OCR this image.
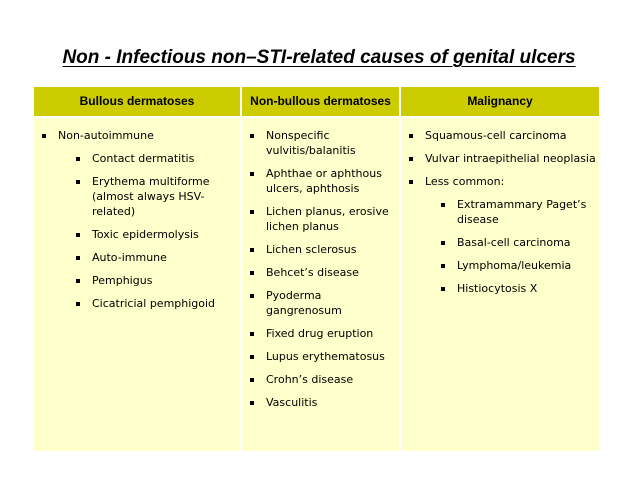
Non - Infectious non–STI-related causes of genital ulcers
Bullous dermatoses	Non-bullous dermatoses	Malignancy
Non-autoimmune
Contact dermatitis
Erythema multiforme (almost always HSV-related)
Toxic epidermolysis
Auto-immune
Pemphigus
Cicatricial pemphigoid
Nonspecific vulvitis/balanitis
Aphthae or aphthous ulcers, aphthosis
Lichen planus, erosive lichen planus
Lichen sclerosus
Behcet’s disease
Pyoderma gangrenosum
Fixed drug eruption
Lupus erythematosus
Crohn’s disease
Vasculitis
Squamous-cell carcinoma
Vulvar intraepithelial neoplasia
Less common:
Extramammary Paget’s disease
Basal-cell carcinoma
Lymphoma/leukemia
Histiocytosis X
